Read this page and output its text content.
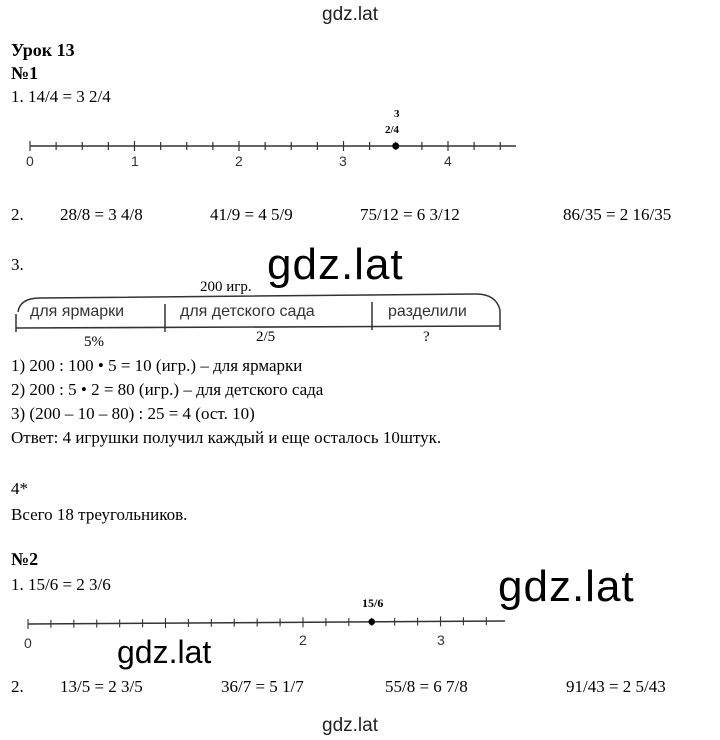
gdz.lat
Урок 13
№1
1. 14/4 = 3 2/4
3
2/4
0	1	2	3	4
2. 28/8 = 3 4/8	41/9 = 4 5/9	75/12 = 6 3/12	86/35 = 2 16/35
3.	gdz.lat
200 игр.
для ярмарки	для детского сада	разделили
5%	2/5	?
1) 200 : 100 • 5 = 10 (игр.) – для ярмарки
2) 200 : 5 • 2 = 80 (игр.) – для детского сада
3) (200 – 10 – 80) : 25 = 4 (ост. 10)
Ответ: 4 игрушки получил каждый и еще осталось 10штук.
4*
Всего 18 треугольников.
№2
1. 15/6 = 2 3/6	gdz.lat
15/6
0	2	3
gdz.lat
2. 13/5 = 2 3/5	36/7 = 5 1/7	55/8 = 6 7/8	91/43 = 2 5/43
gdz.lat
